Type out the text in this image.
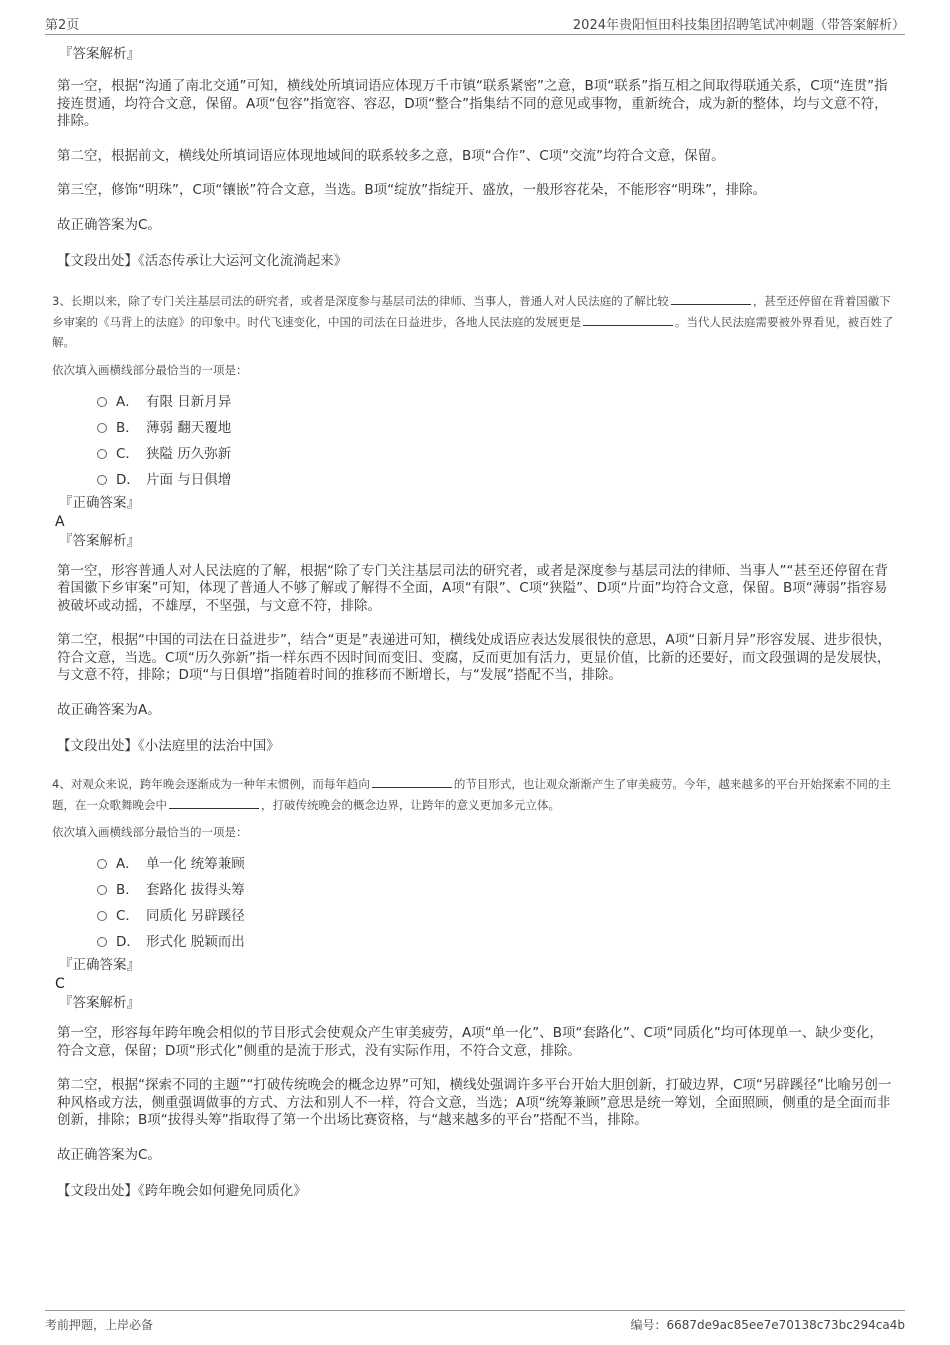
第2页	2024年贵阳恒田科技集团招聘笔试冲刺题（带答案解析）

『答案解析』

第一空，根据“沟通了南北交通”可知，横线处所填词语应体现万千市镇“联系紧密”之意，B项“联系”指互相之间取得联通关系，C项“连贯”指接连贯通，均符合文意，保留。A项“包容”指宽容、容忍，D项“整合”指集结不同的意见或事物，重新统合，成为新的整体，均与文意不符，排除。

第二空，根据前文，横线处所填词语应体现地域间的联系较多之意，B项“合作”、C项“交流”均符合文意，保留。

第三空，修饰“明珠”，C项“镶嵌”符合文意，当选。B项“绽放”指绽开、盛放，一般形容花朵，不能形容“明珠”，排除。

故正确答案为C。

【文段出处】《活态传承让大运河文化流淌起来》

3、长期以来，除了专门关注基层司法的研究者，或者是深度参与基层司法的律师、当事人，普通人对人民法庭的了解比较	，甚至还停留在背着国徽下乡审案的《马背上的法庭》的印象中。时代飞速变化，中国的司法在日益进步，各地人民法庭的发展更是	。当代人民法庭需要被外界看见，被百姓了解。

依次填入画横线部分最恰当的一项是：

A． 有限 日新月异
B． 薄弱 翻天覆地
C． 狭隘 历久弥新
D． 片面 与日俱增

『正确答案』

A

『答案解析』

第一空，形容普通人对人民法庭的了解，根据“除了专门关注基层司法的研究者，或者是深度参与基层司法的律师、当事人”“甚至还停留在背着国徽下乡审案”可知，体现了普通人不够了解或了解得不全面，A项“有限”、C项“狭隘”、D项“片面”均符合文意，保留。B项“薄弱”指容易被破坏或动摇，不雄厚，不坚强，与文意不符，排除。

第二空，根据“中国的司法在日益进步”，结合“更是”表递进可知，横线处成语应表达发展很快的意思，A项“日新月异”形容发展、进步很快，符合文意，当选。C项“历久弥新”指一样东西不因时间而变旧、变腐，反而更加有活力，更显价值，比新的还要好，而文段强调的是发展快，与文意不符，排除；D项“与日俱增”指随着时间的推移而不断增长，与“发展”搭配不当，排除。

故正确答案为A。

【文段出处】《小法庭里的法治中国》

4、对观众来说，跨年晚会逐渐成为一种年末惯例，而每年趋向	的节目形式，也让观众渐渐产生了审美疲劳。今年，越来越多的平台开始探索不同的主题，在一众歌舞晚会中	，打破传统晚会的概念边界，让跨年的意义更加多元立体。

依次填入画横线部分最恰当的一项是：

A． 单一化 统筹兼顾
B． 套路化 拔得头筹
C． 同质化 另辟蹊径
D． 形式化 脱颖而出

『正确答案』

C

『答案解析』

第一空，形容每年跨年晚会相似的节目形式会使观众产生审美疲劳，A项“单一化”、B项“套路化”、C项“同质化”均可体现单一、缺少变化，符合文意，保留；D项“形式化”侧重的是流于形式，没有实际作用，不符合文意，排除。

第二空，根据“探索不同的主题”“打破传统晚会的概念边界”可知，横线处强调许多平台开始大胆创新，打破边界，C项“另辟蹊径”比喻另创一种风格或方法，侧重强调做事的方式、方法和别人不一样，符合文意，当选；A项“统筹兼顾”意思是统一筹划，全面照顾，侧重的是全面而非创新，排除；B项“拔得头筹”指取得了第一个出场比赛资格，与“越来越多的平台”搭配不当，排除。

故正确答案为C。

【文段出处】《跨年晚会如何避免同质化》

考前押题，上岸必备	编号：6687de9ac85ee7e70138c73bc294ca4b
